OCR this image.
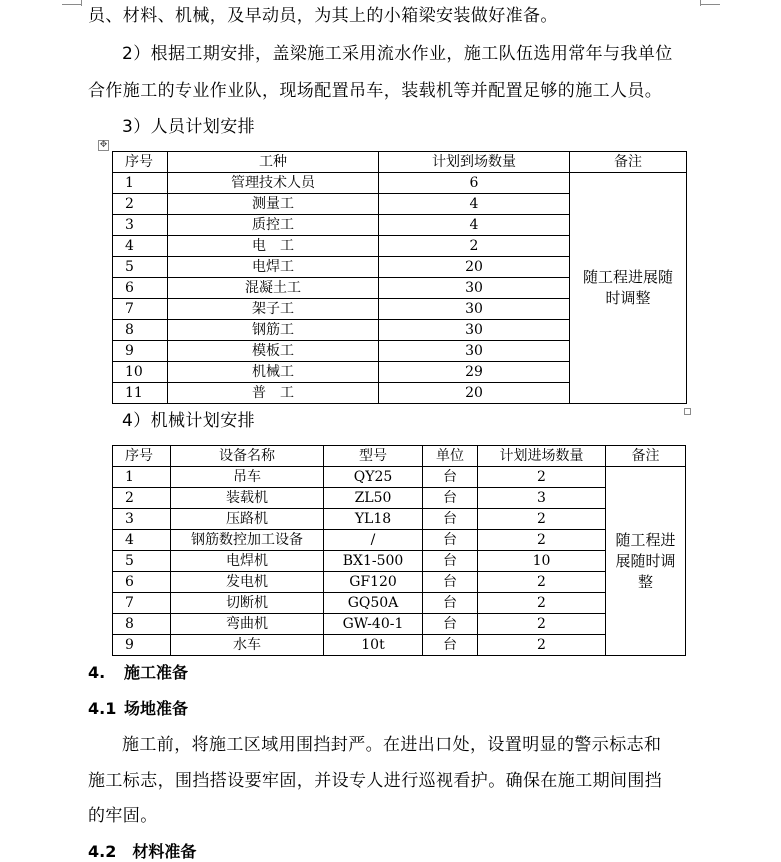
员、材料、机械，及早动员，为其上的小箱梁安装做好准备。
2）根据工期安排，盖梁施工采用流水作业，施工队伍选用常年与我单位
合作施工的专业作业队，现场配置吊车，装载机等并配置足够的施工人员。
3）人员计划安排
✥
序号	工种	计划到场数量	备注
1	管理技术人员	6	随工程进展随
时调整
2	测量工	4	
3	质控工	4	
4	电　工	2	
5	电焊工	20	
6	混凝土工	30	
7	架子工	30	
8	钢筋工	30	
9	模板工	30	
10	机械工	29	
11	普　工	20	
4）机械计划安排
序号	设备名称	型号	单位	计划进场数量	备注
1	吊车	QY25	台	2	随工程进
展随时调
整
2	装载机	ZL50	台	3	
3	压路机	YL18	台	2	
4	钢筋数控加工设备	/	台	2	
5	电焊机	BX1-500	台	10	
6	发电机	GF120	台	2	
7	切断机	GQ50A	台	2	
8	弯曲机	GW-40-1	台	2	
9	水车	10t	台	2	
4. 施工准备
4.1 场地准备
施工前，将施工区域用围挡封严。在进出口处，设置明显的警示标志和
施工标志，围挡搭设要牢固，并设专人进行巡视看护。确保在施工期间围挡
的牢固。
4.2　材料准备
